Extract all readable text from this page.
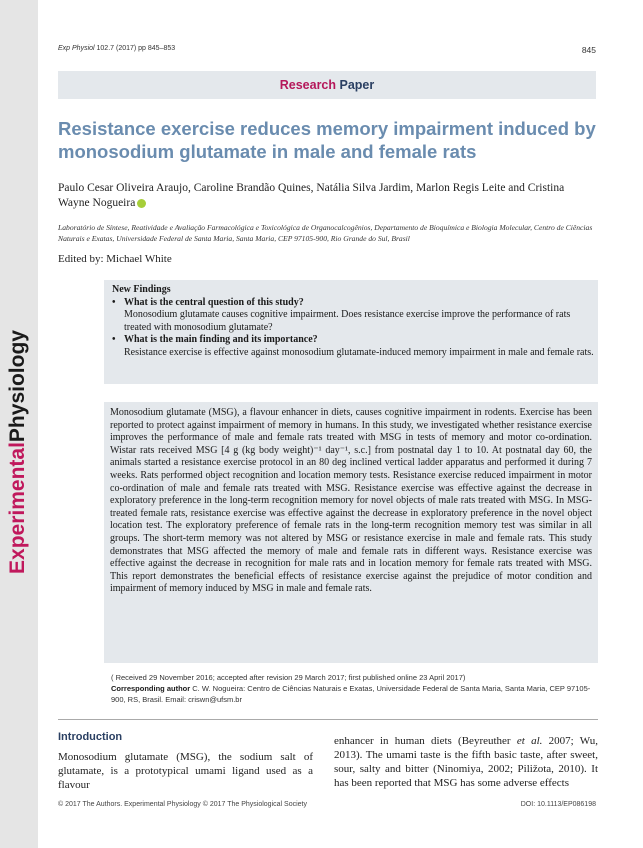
ExperimentalPhysiology
Exp Physiol 102.7 (2017) pp 845–853	845
Research Paper
Resistance exercise reduces memory impairment induced by monosodium glutamate in male and female rats
Paulo Cesar Oliveira Araujo, Caroline Brandão Quines, Natália Silva Jardim, Marlon Regis Leite and Cristina Wayne Nogueira
Laboratório de Síntese, Reatividade e Avaliação Farmacológica e Toxicológica de Organocalcogênios, Departamento de Bioquímica e Biologia Molecular, Centro de Ciências Naturais e Exatas, Universidade Federal de Santa Maria, Santa Maria, CEP 97105-900, Rio Grande do Sul, Brasil
Edited by: Michael White
New Findings
• What is the central question of this study?
Monosodium glutamate causes cognitive impairment. Does resistance exercise improve the performance of rats treated with monosodium glutamate?
• What is the main finding and its importance?
Resistance exercise is effective against monosodium glutamate-induced memory impairment in male and female rats.
Monosodium glutamate (MSG), a flavour enhancer in diets, causes cognitive impairment in rodents. Exercise has been reported to protect against impairment of memory in humans. In this study, we investigated whether resistance exercise improves the performance of male and female rats treated with MSG in tests of memory and motor co-ordination. Wistar rats received MSG [4 g (kg body weight)⁻¹ day⁻¹, s.c.] from postnatal day 1 to 10. At postnatal day 60, the animals started a resistance exercise protocol in an 80 deg inclined vertical ladder apparatus and performed it during 7 weeks. Rats performed object recognition and location memory tests. Resistance exercise reduced impairment in motor co-ordination of male and female rats treated with MSG. Resistance exercise was effective against the decrease in exploratory preference in the long-term recognition memory for novel objects of male rats treated with MSG. In MSG-treated female rats, resistance exercise was effective against the decrease in exploratory preference in the novel object location test. The exploratory preference of female rats in the long-term recognition memory test was similar in all groups. The short-term memory was not altered by MSG or resistance exercise in male and female rats. This study demonstrates that MSG affected the memory of male and female rats in different ways. Resistance exercise was effective against the decrease in recognition for male rats and in location memory for female rats treated with MSG. This report demonstrates the beneficial effects of resistance exercise against the prejudice of motor condition and impairment of memory induced by MSG in male and female rats.
( Received 29 November 2016; accepted after revision 29 March 2017; first published online 23 April 2017)
Corresponding author C. W. Nogueira: Centro de Ciências Naturais e Exatas, Universidade Federal de Santa Maria, Santa Maria, CEP 97105-900, RS, Brasil. Email: criswn@ufsm.br
Introduction
Monosodium glutamate (MSG), the sodium salt of glutamate, is a prototypical umami ligand used as a flavour
enhancer in human diets (Beyreuther et al. 2007; Wu, 2013). The umami taste is the fifth basic taste, after sweet, sour, salty and bitter (Ninomiya, 2002; Piližota, 2010). It has been reported that MSG has some adverse effects
© 2017 The Authors. Experimental Physiology © 2017 The Physiological Society	DOI: 10.1113/EP086198
